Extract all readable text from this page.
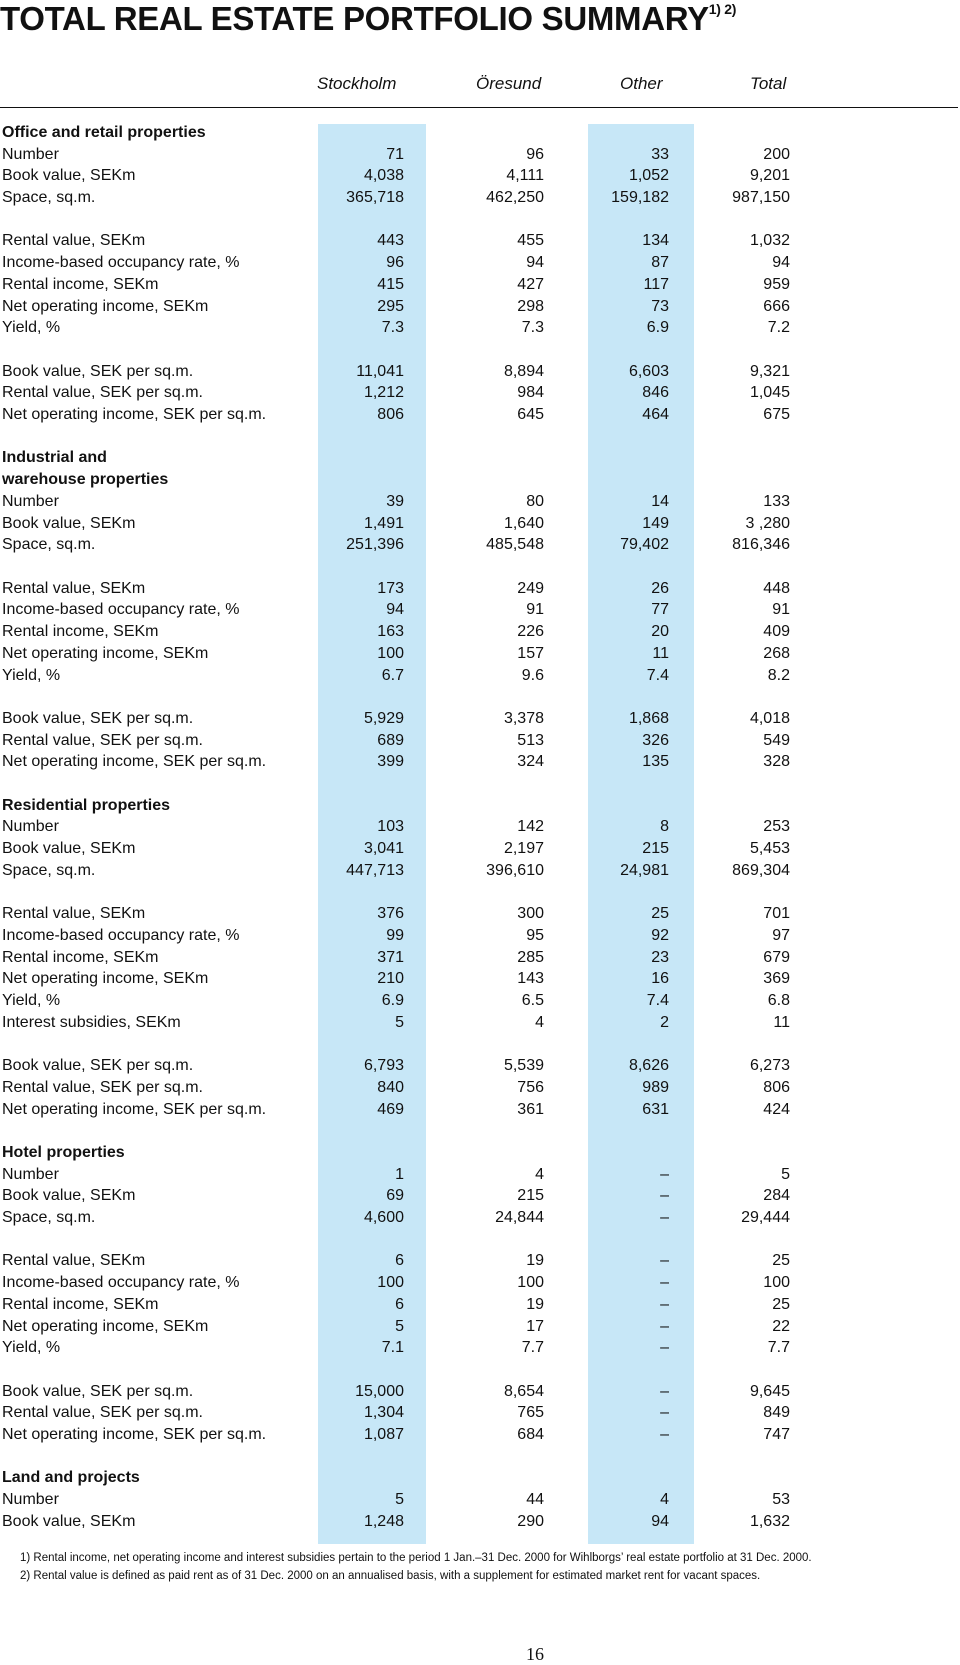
TOTAL REAL ESTATE PORTFOLIO $SUMMARY^{1) 2)}$
Stockholm	Öresund	Other	Total
Office and retail properties
Number	71	96	33	200
Book value, SEKm	4,038	4,111	1,052	9,201
Space, sq.m.	365,718	462,250	159,182	987,150
Rental value, SEKm	443	455	134	1,032
Income-based occupancy rate, %	96	94	87	94
Rental income, SEKm	415	427	117	959
Net operating income, SEKm	295	298	73	666
Yield, %	7.3	7.3	6.9	7.2
Book value, SEK per sq.m.	11,041	8,894	6,603	9,321
Rental value, SEK per sq.m.	1,212	984	846	1,045
Net operating income, SEK per sq.m.	806	645	464	675
Industrial and
warehouse properties
Number	39	80	14	133
Book value, SEKm	1,491	1,640	149	3 ,280
Space, sq.m.	251,396	485,548	79,402	816,346
Rental value, SEKm	173	249	26	448
Income-based occupancy rate, %	94	91	77	91
Rental income, SEKm	163	226	20	409
Net operating income, SEKm	100	157	11	268
Yield, %	6.7	9.6	7.4	8.2
Book value, SEK per sq.m.	5,929	3,378	1,868	4,018
Rental value, SEK per sq.m.	689	513	326	549
Net operating income, SEK per sq.m.	399	324	135	328
Residential properties
Number	103	142	8	253
Book value, SEKm	3,041	2,197	215	5,453
Space, sq.m.	447,713	396,610	24,981	869,304
Rental value, SEKm	376	300	25	701
Income-based occupancy rate, %	99	95	92	97
Rental income, SEKm	371	285	23	679
Net operating income, SEKm	210	143	16	369
Yield, %	6.9	6.5	7.4	6.8
Interest subsidies, SEKm	5	4	2	11
Book value, SEK per sq.m.	6,793	5,539	8,626	6,273
Rental value, SEK per sq.m.	840	756	989	806
Net operating income, SEK per sq.m.	469	361	631	424
Hotel properties
Number	1	4	–	5
Book value, SEKm	69	215	–	284
Space, sq.m.	4,600	24,844	–	29,444
Rental value, SEKm	6	19	–	25
Income-based occupancy rate, %	100	100	–	100
Rental income, SEKm	6	19	–	25
Net operating income, SEKm	5	17	–	22
Yield, %	7.1	7.7	–	7.7
Book value, SEK per sq.m.	15,000	8,654	–	9,645
Rental value, SEK per sq.m.	1,304	765	–	849
Net operating income, SEK per sq.m.	1,087	684	–	747
Land and projects
Number	5	44	4	53
Book value, SEKm	1,248	290	94	1,632
1) Rental income, net operating income and interest subsidies pertain to the period 1 Jan.–31 Dec. 2000 for Wihlborgs’ real estate portfolio at 31 Dec. 2000.
2) Rental value is defined as paid rent as of 31 Dec. 2000 on an annualised basis, with a supplement for estimated market rent for vacant spaces.
16
